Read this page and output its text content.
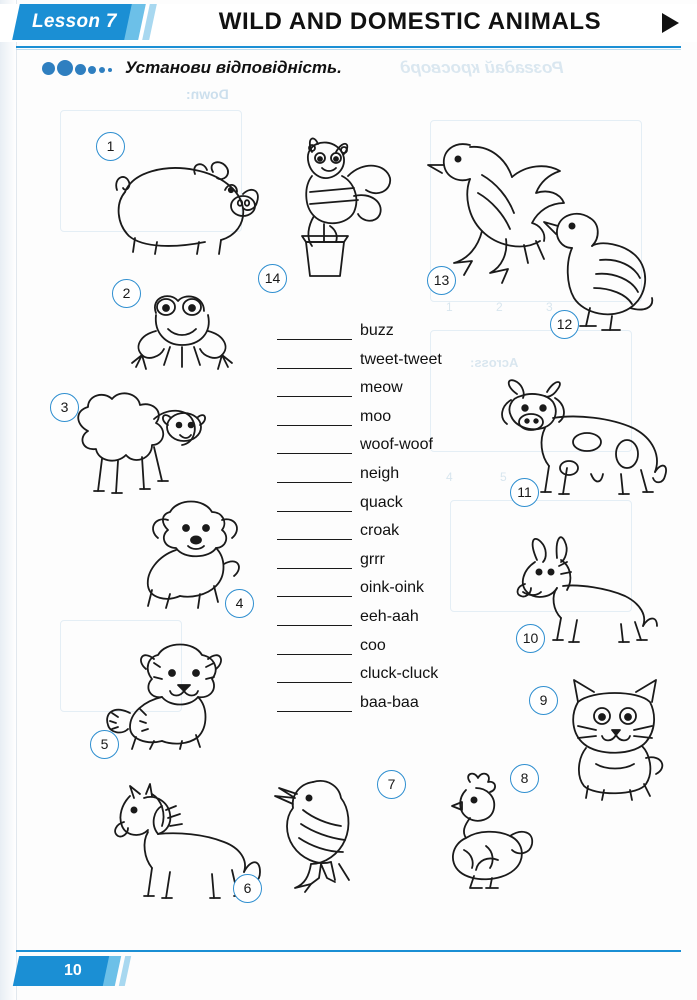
Розгадай кросворд
Down:
Across:
1	2	3
4	5
Lesson 7	WILD AND DOMESTIC ANIMALS
Установи відповідність.
buzz
tweet-tweet
meow
moo
woof-woof
neigh
quack
croak
grrr
oink-oink
eeh-aah
coo
cluck-cluck
baa-baa
1
2
3
4
5
6
7	8
9
10
11
12
13
14
10
